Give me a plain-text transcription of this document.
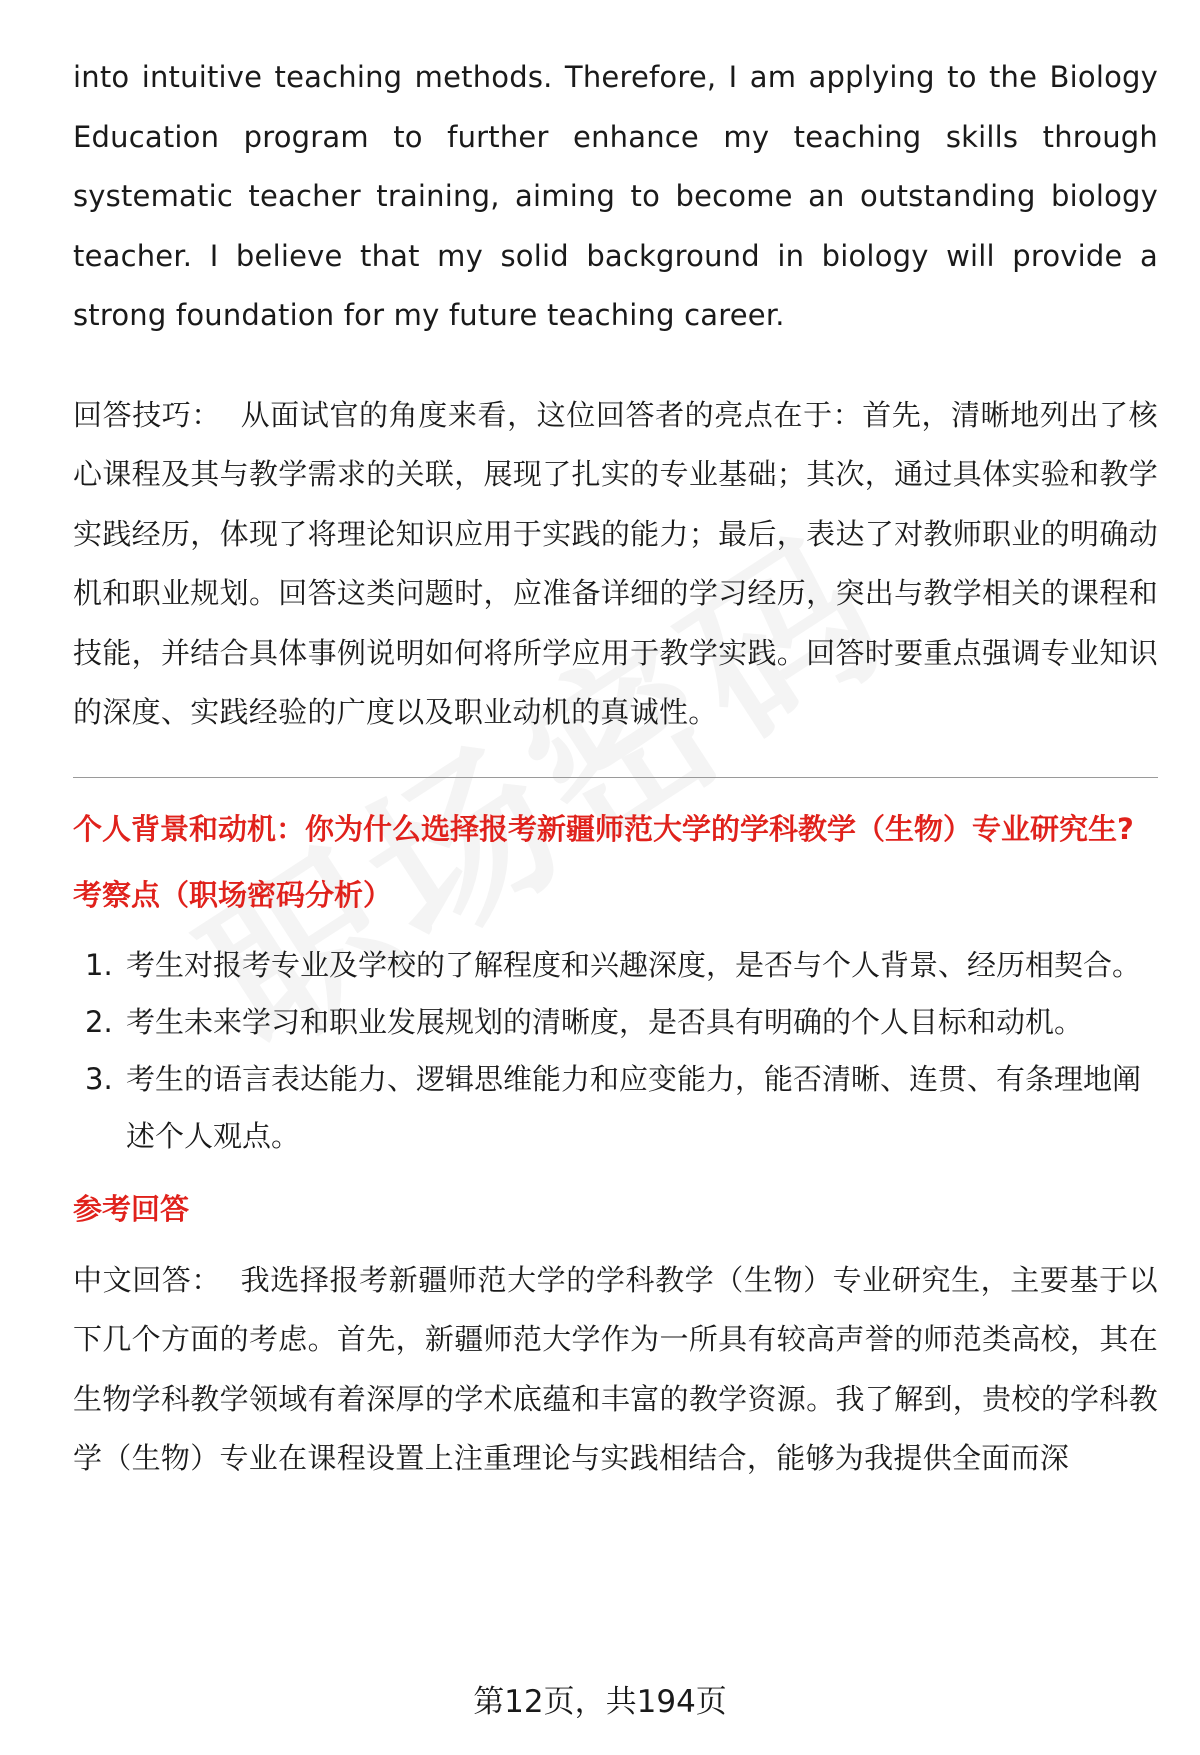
into intuitive teaching methods. Therefore, I am applying to the Biology Education program to further enhance my teaching skills through systematic teacher training, aiming to become an outstanding biology teacher. I believe that my solid background in biology will provide a strong foundation for my future teaching career.

回答技巧： 从面试官的角度来看，这位回答者的亮点在于：首先，清晰地列出了核心课程及其与教学需求的关联，展现了扎实的专业基础；其次，通过具体实验和教学实践经历，体现了将理论知识应用于实践的能力；最后，表达了对教师职业的明确动机和职业规划。回答这类问题时，应准备详细的学习经历，突出与教学相关的课程和技能，并结合具体事例说明如何将所学应用于教学实践。回答时要重点强调专业知识的深度、实践经验的广度以及职业动机的真诚性。

个人背景和动机：你为什么选择报考新疆师范大学的学科教学（生物）专业研究生?

考察点（职场密码分析）

1. 考生对报考专业及学校的了解程度和兴趣深度，是否与个人背景、经历相契合。
2. 考生未来学习和职业发展规划的清晰度，是否具有明确的个人目标和动机。
3. 考生的语言表达能力、逻辑思维能力和应变能力，能否清晰、连贯、有条理地阐述个人观点。

参考回答

中文回答： 我选择报考新疆师范大学的学科教学（生物）专业研究生，主要基于以下几个方面的考虑。首先，新疆师范大学作为一所具有较高声誉的师范类高校，其在生物学科教学领域有着深厚的学术底蕴和丰富的教学资源。我了解到，贵校的学科教学（生物）专业在课程设置上注重理论与实践相结合，能够为我提供全面而深

第12页，共194页
